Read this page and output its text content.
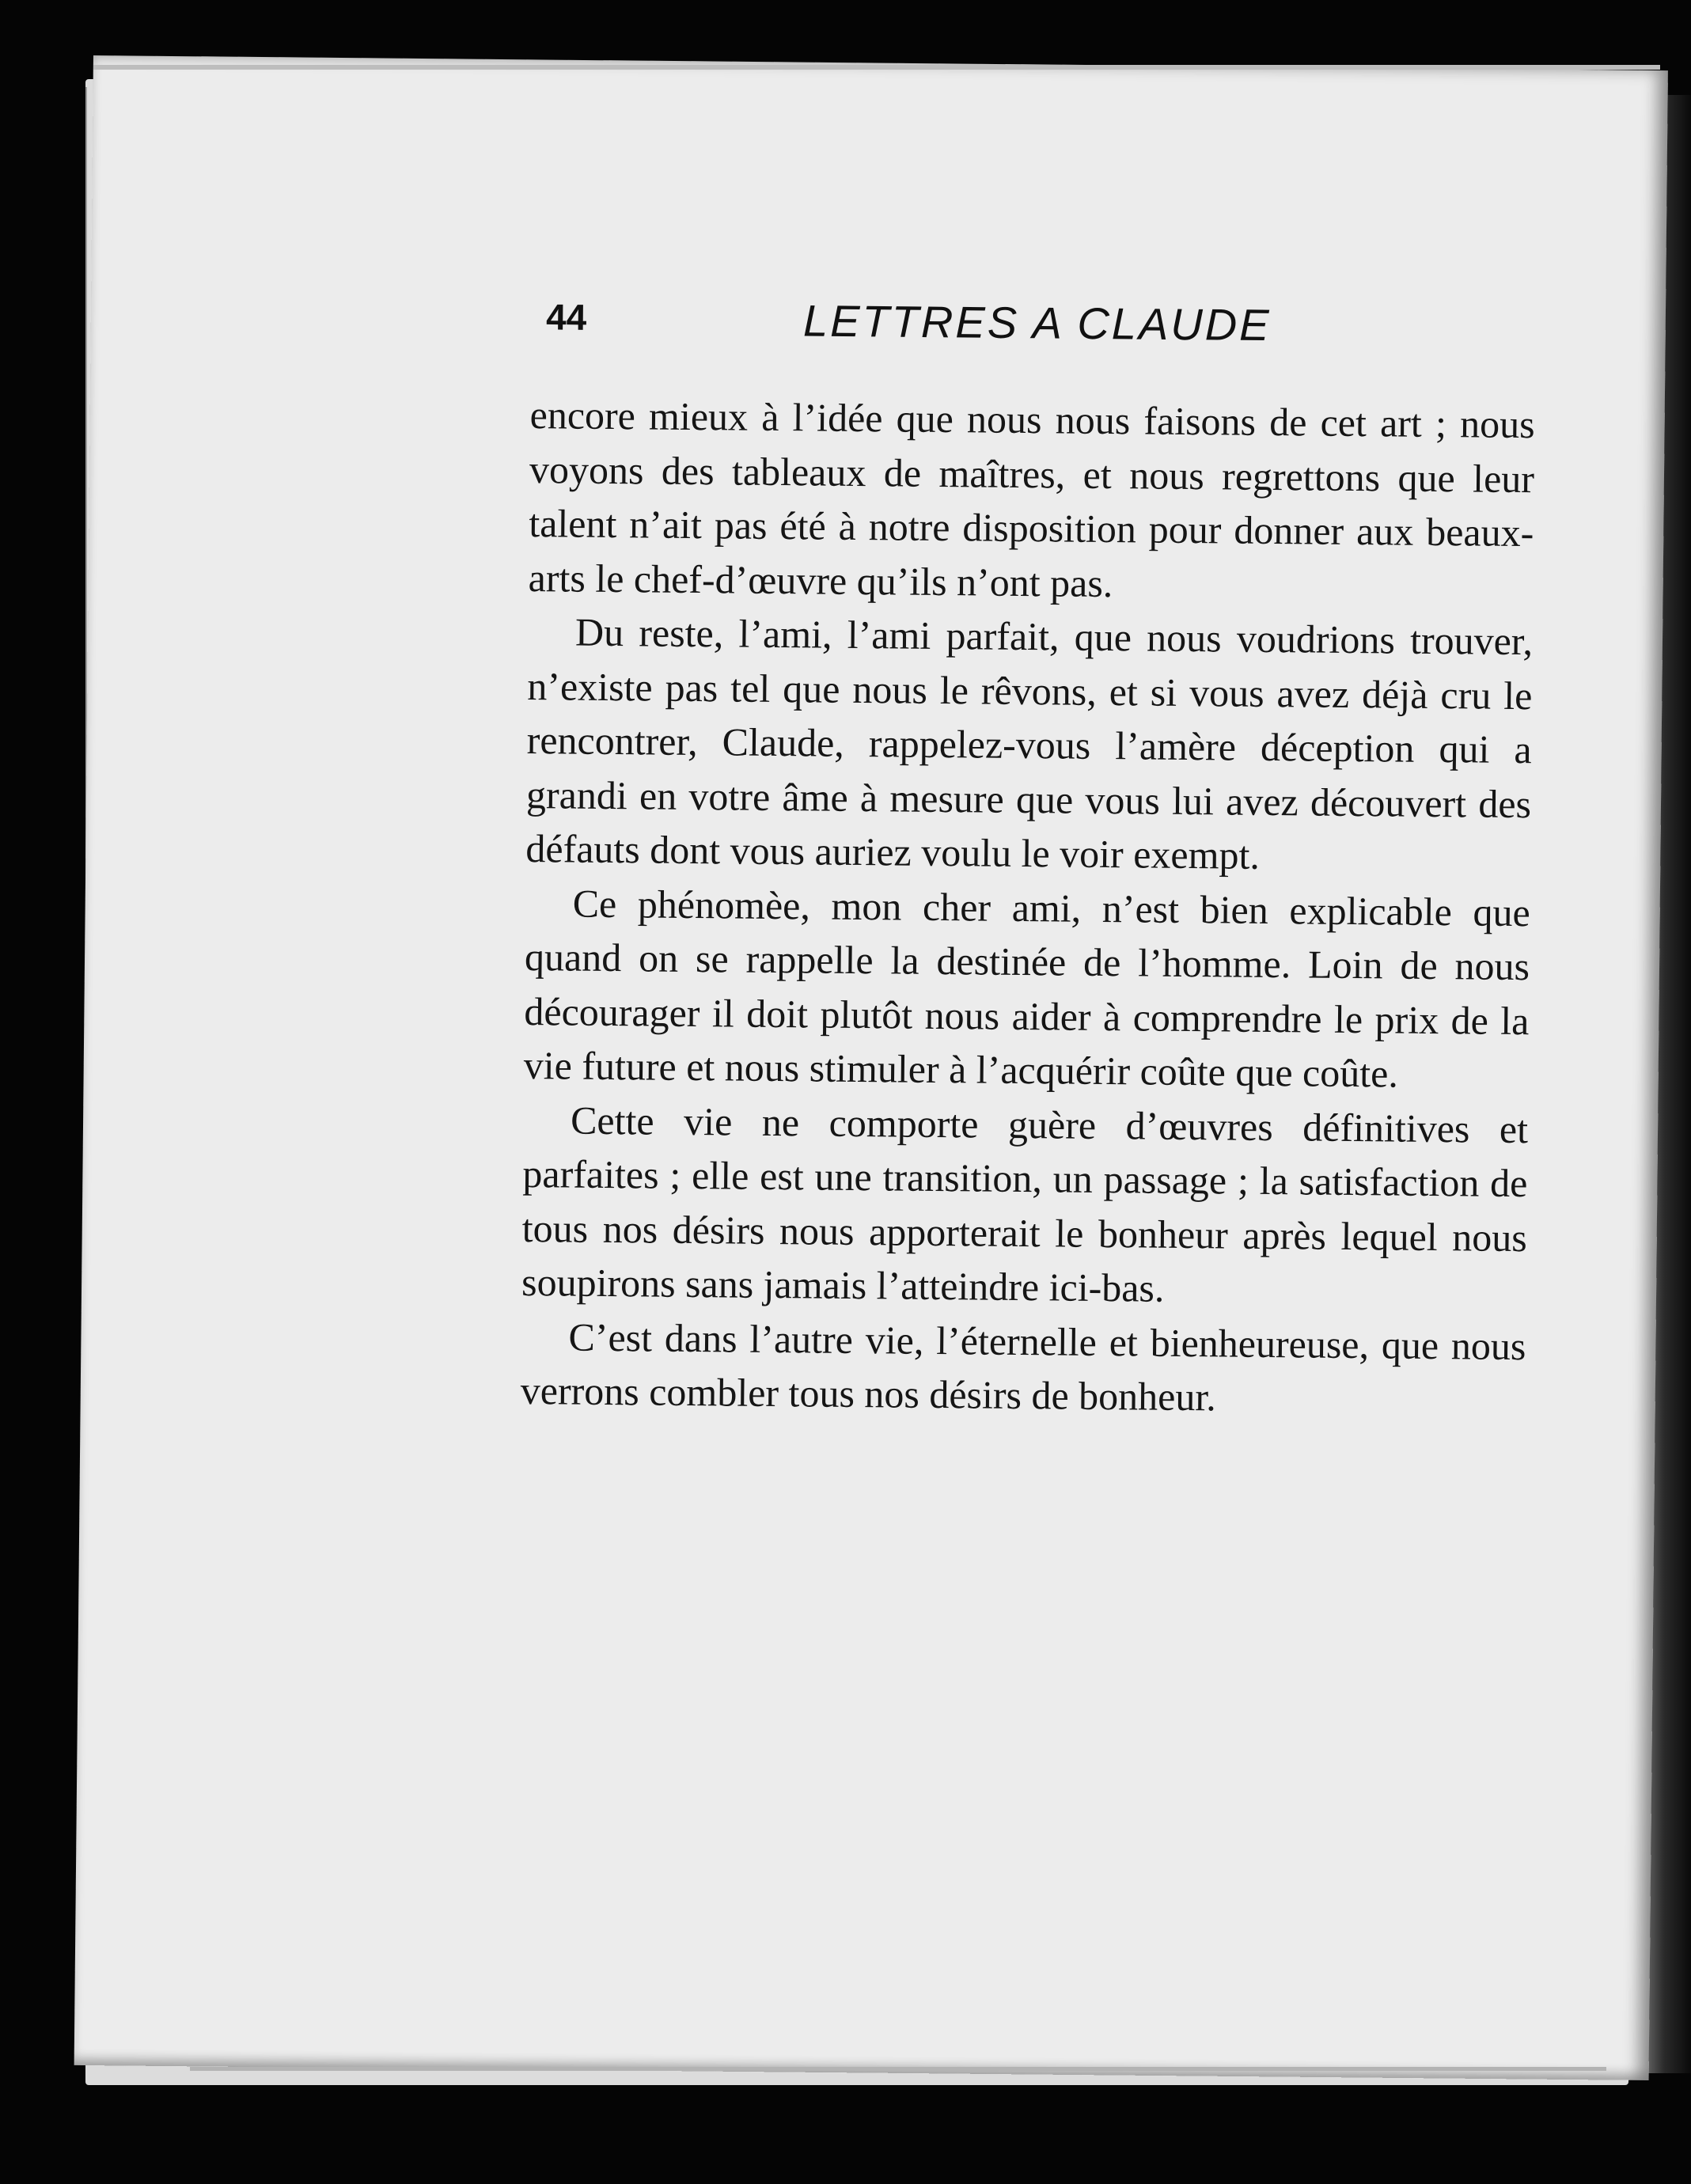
44	LETTRES A CLAUDE

encore mieux à l’idée que nous nous faisons de cet art ; nous voyons des tableaux de maîtres, et nous regrettons que leur talent n’ait pas été à notre disposition pour donner aux beaux-arts le chef-d’œuvre qu’ils n’ont pas.

Du reste, l’ami, l’ami parfait, que nous voudrions trouver, n’existe pas tel que nous le rêvons, et si vous avez déjà cru le rencontrer, Claude, rappelez-vous l’amère déception qui a grandi en votre âme à mesure que vous lui avez découvert des défauts dont vous auriez voulu le voir exempt.

Ce phénomèe, mon cher ami, n’est bien explicable que quand on se rappelle la destinée de l’homme. Loin de nous décourager il doit plutôt nous aider à comprendre le prix de la vie future et nous stimuler à l’acquérir coûte que coûte.

Cette vie ne comporte guère d’œuvres définitives et parfaites ; elle est une transition, un passage ; la satisfaction de tous nos désirs nous apporterait le bonheur après lequel nous soupirons sans jamais l’atteindre ici-bas.

C’est dans l’autre vie, l’éternelle et bienheureuse, que nous verrons combler tous nos désirs de bonheur.
